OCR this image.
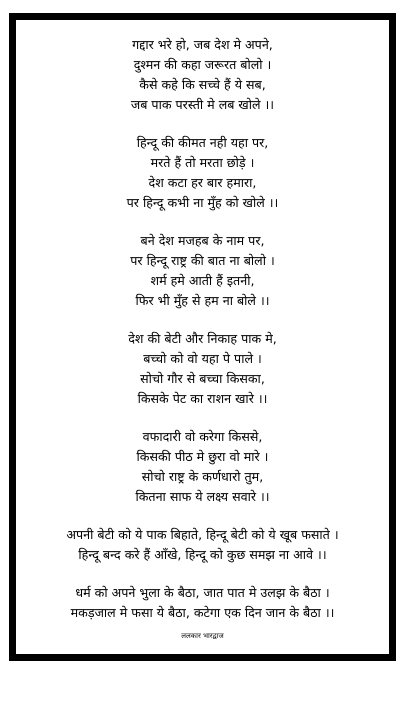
गद्दार भरे हो, जब देश मे अपने,
दुश्मन की कहा जरूरत बोलो ।
कैसे कहे कि सच्चे हैं ये सब,
जब पाक परस्ती मे लब खोले ।।
हिन्दू की कीमत नही यहा पर,
मरते हैं तो मरता छोड़े ।
देश कटा हर बार हमारा,
पर हिन्दू कभी ना मुँह को खोले ।।
बने देश मजहब के नाम पर,
पर हिन्दू राष्ट्र की बात ना बोलो ।
शर्म हमे आती हैं इतनी,
फिर भी मुँह से हम ना बोले ।।
देश की बेटी और निकाह पाक मे,
बच्चो को वो यहा पे पाले ।
सोचो गौर से बच्चा किसका,
किसके पेट का राशन खारे ।।
वफादारी वो करेगा किससे,
किसकी पीठ मे छुरा वो मारे ।
सोचो राष्ट्र के कर्णधारो तुम,
कितना साफ ये लक्ष्य सवारे ।।
अपनी बेटी को ये पाक बिहाते, हिन्दू बेटी को ये खूब फसाते ।
हिन्दू बन्द करे हैं आँखे, हिन्दू को कुछ समझ ना आवे ।।
धर्म को अपने भुला के बैठा, जात पात मे उलझ के बैठा ।
मकड़जाल मे फसा ये बैठा, कटेगा एक दिन जान के बैठा ।।
ललकार भारद्वाज
